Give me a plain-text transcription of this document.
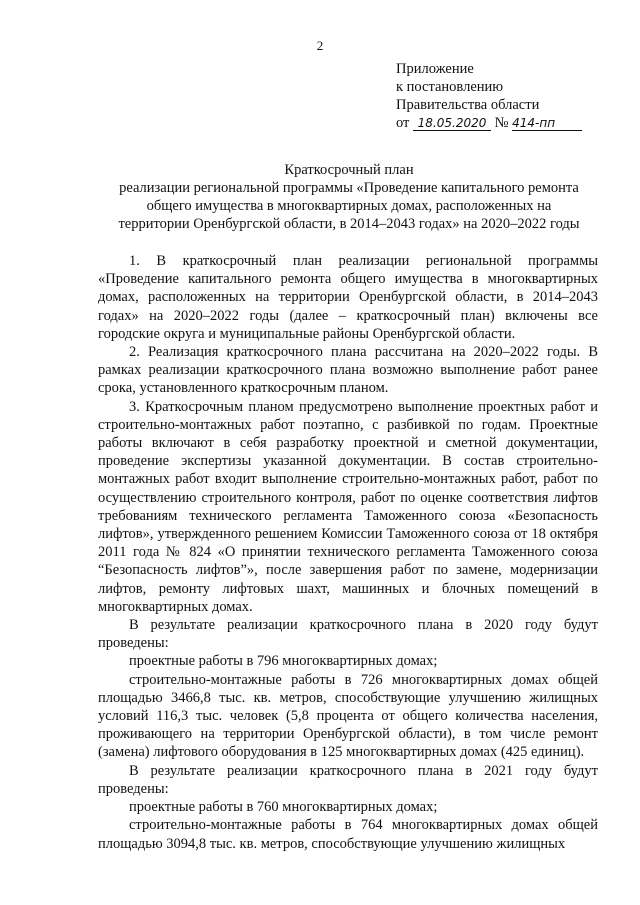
2
Приложение
к постановлению
Правительства области
от 18.05.2020 № 414-пп
Краткосрочный план
реализации региональной программы «Проведение капитального ремонта
общего имущества в многоквартирных домах, расположенных на
территории Оренбургской области, в 2014–2043 годах» на 2020–2022 годы

1. В краткосрочный план реализации региональной программы «Проведение капитального ремонта общего имущества в многоквартирных домах, расположенных на территории Оренбургской области, в 2014–2043 годах» на 2020–2022 годы (далее – краткосрочный план) включены все городские округа и муниципальные районы Оренбургской области.

2. Реализация краткосрочного плана рассчитана на 2020–2022 годы. В рамках реализации краткосрочного плана возможно выполнение работ ранее срока, установленного краткосрочным планом.

3. Краткосрочным планом предусмотрено выполнение проектных работ и строительно-монтажных работ поэтапно, с разбивкой по годам. Проектные работы включают в себя разработку проектной и сметной документации, проведение экспертизы указанной документации. В состав строительно-монтажных работ входит выполнение строительно-монтажных работ, работ по осуществлению строительного контроля, работ по оценке соответствия лифтов требованиям технического регламента Таможенного союза «Безопасность лифтов», утвержденного решением Комиссии Таможенного союза от 18 октября 2011 года № 824 «О принятии технического регламента Таможенного союза “Безопасность лифтов”», после завершения работ по замене, модернизации лифтов, ремонту лифтовых шахт, машинных и блочных помещений в многоквартирных домах.

В результате реализации краткосрочного плана в 2020 году будут проведены:

проектные работы в 796 многоквартирных домах;

строительно-монтажные работы в 726 многоквартирных домах общей площадью 3466,8 тыс. кв. метров, способствующие улучшению жилищных условий 116,3 тыс. человек (5,8 процента от общего количества населения, проживающего на территории Оренбургской области), в том числе ремонт (замена) лифтового оборудования в 125 многоквартирных домах (425 единиц).

В результате реализации краткосрочного плана в 2021 году будут проведены:

проектные работы в 760 многоквартирных домах;

строительно-монтажные работы в 764 многоквартирных домах общей площадью 3094,8 тыс. кв. метров, способствующие улучшению жилищных
